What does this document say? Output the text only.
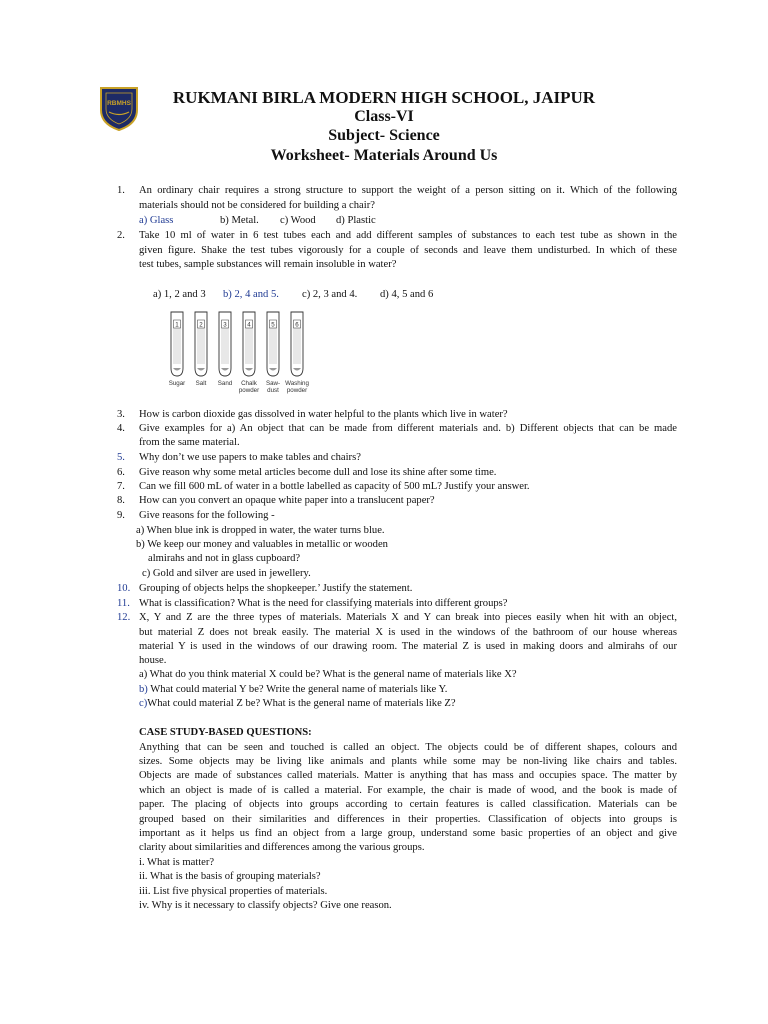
RBMHS	RUKMANI BIRLA MODERN HIGH SCHOOL, JAIPUR
Class-VI
Subject- Science
Worksheet- Materials Around Us
1. An ordinary chair requires a strong structure to support the weight of a person sitting on it. Which of the following
materials should not be considered for building a chair?
a) Glass	b) Metal. c) Wood d) Plastic
2. Take 10 ml of water in 6 test tubes each and add different samples of substances to each test tube as shown in the
given figure. Shake the test tubes vigorously for a couple of seconds and leave them undisturbed. In which of these
test tubes, sample substances will remain insoluble in water?
a) 1, 2 and 3 b) 2, 4 and 5. c) 2, 3 and 4. d) 4, 5 and 6
1
Sugar
2
Salt
3
Sand
4
Chalk
powder
5
Saw-
dust
6
Washing
powder
3. How is carbon dioxide gas dissolved in water helpful to the plants which live in water?
4. Give examples for a) An object that can be made from different materials and. b) Different objects that can be made
from the same material.
5. Why don’t we use papers to make tables and chairs?
6. Give reason why some metal articles become dull and lose its shine after some time.
7. Can we fill 600 mL of water in a bottle labelled as capacity of 500 mL? Justify your answer.
8. How can you convert an opaque white paper into a translucent paper?
9. Give reasons for the following -
a) When blue ink is dropped in water, the water turns blue.
b) We keep our money and valuables in metallic or wooden
almirahs and not in glass cupboard?
c) Gold and silver are used in jewellery.
10. Grouping of objects helps the shopkeeper.’ Justify the statement.
11. What is classification? What is the need for classifying materials into different groups?
12. X, Y and Z are the three types of materials. Materials X and Y can break into pieces easily when hit with an object,
but material Z does not break easily. The material X is used in the windows of the bathroom of our house whereas
material Y is used in the windows of our drawing room. The material Z is used in making doors and almirahs of our
house.
a) What do you think material X could be? What is the general name of materials like X?
b) What could material Y be? Write the general name of materials like Y.
c)What could material Z be? What is the general name of materials like Z?
CASE STUDY-BASED QUESTIONS:
Anything that can be seen and touched is called an object. The objects could be of different shapes, colours and
sizes. Some objects may be living like animals and plants while some may be non-living like chairs and tables.
Objects are made of substances called materials. Matter is anything that has mass and occupies space. The matter by
which an object is made of is called a material. For example, the chair is made of wood, and the book is made of
paper. The placing of objects into groups according to certain features is called classification. Materials can be
grouped based on their similarities and differences in their properties. Classification of objects into groups is
important as it helps us find an object from a large group, understand some basic properties of an object and give
clarity about similarities and differences among the various groups.
i. What is matter?
ii. What is the basis of grouping materials?
iii. List five physical properties of materials.
iv. Why is it necessary to classify objects? Give one reason.
